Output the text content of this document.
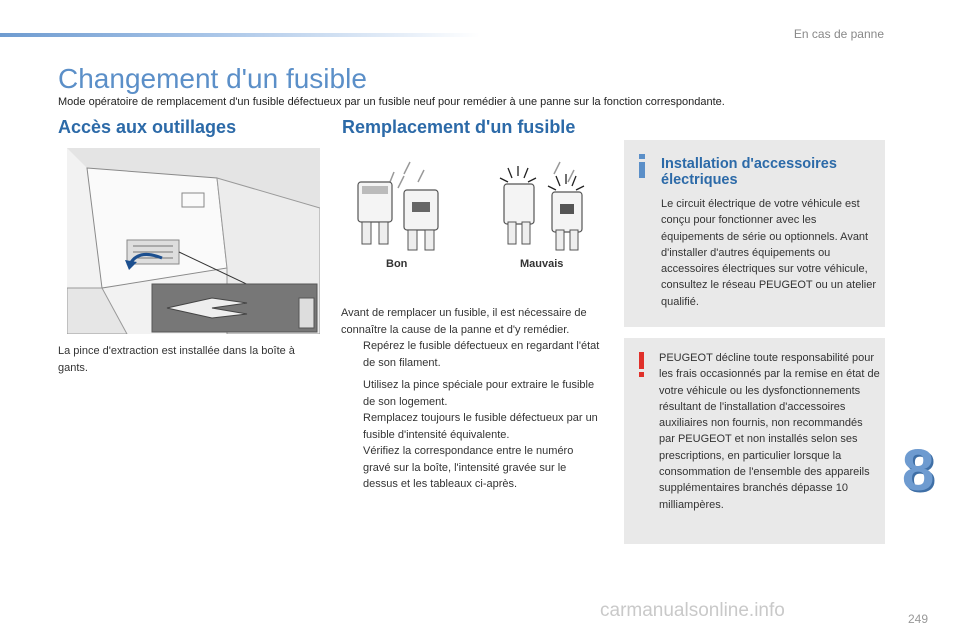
En cas de panne
Changement d'un fusible
Mode opératoire de remplacement d'un fusible défectueux par un fusible neuf pour remédier à une panne sur la fonction correspondante.
Accès aux outillages
La pince d'extraction est installée dans la boîte à gants.
Remplacement d'un fusible
Bon	Mauvais
Avant de remplacer un fusible, il est nécessaire de connaître la cause de la panne et d'y remédier.
Repérez le fusible défectueux en regardant l'état de son filament.
Utilisez la pince spéciale pour extraire le fusible de son logement.
Remplacez toujours le fusible défectueux par un fusible d'intensité équivalente.
Vérifiez la correspondance entre le numéro gravé sur la boîte, l'intensité gravée sur le dessus et les tableaux ci-après.
Installation d'accessoires électriques
Le circuit électrique de votre véhicule est conçu pour fonctionner avec les équipements de série ou optionnels. Avant d'installer d'autres équipements ou accessoires électriques sur votre véhicule, consultez le réseau PEUGEOT ou un atelier qualifié.
PEUGEOT décline toute responsabilité pour les frais occasionnés par la remise en état de votre véhicule ou les dysfonctionnements résultant de l'installation d'accessoires auxiliaires non fournis, non recommandés par PEUGEOT et non installés selon ses prescriptions, en particulier lorsque la consommation de l'ensemble des appareils supplémentaires branchés dépasse 10 milliampères.
8
249
carmanualsonline.info
